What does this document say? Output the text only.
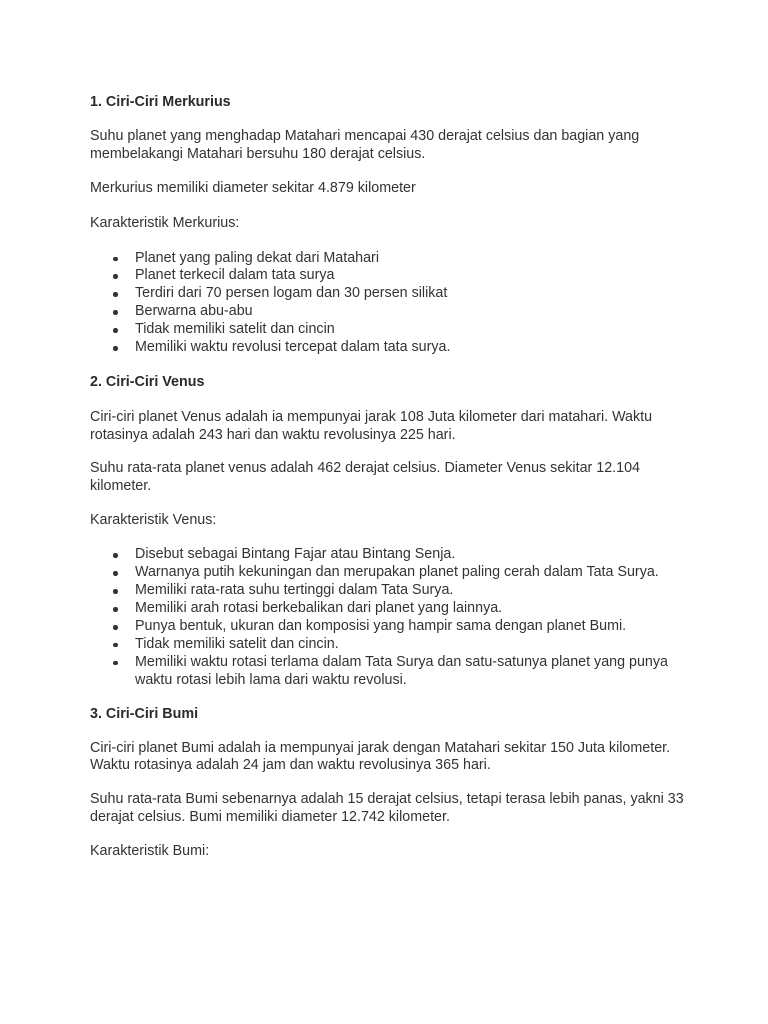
1. Ciri-Ciri Merkurius

Suhu planet yang menghadap Matahari mencapai 430 derajat celsius dan bagian yang membelakangi Matahari bersuhu 180 derajat celsius.

Merkurius memiliki diameter sekitar 4.879 kilometer

Karakteristik Merkurius:

Planet yang paling dekat dari Matahari
Planet terkecil dalam tata surya
Terdiri dari 70 persen logam dan 30 persen silikat
Berwarna abu-abu
Tidak memiliki satelit dan cincin
Memiliki waktu revolusi tercepat dalam tata surya.
2. Ciri-Ciri Venus

Ciri-ciri planet Venus adalah ia mempunyai jarak 108 Juta kilometer dari matahari. Waktu rotasinya adalah 243 hari dan waktu revolusinya 225 hari.

Suhu rata-rata planet venus adalah 462 derajat celsius. Diameter Venus sekitar 12.104 kilometer.

Karakteristik Venus:

Disebut sebagai Bintang Fajar atau Bintang Senja.
Warnanya putih kekuningan dan merupakan planet paling cerah dalam Tata Surya.
Memiliki rata-rata suhu tertinggi dalam Tata Surya.
Memiliki arah rotasi berkebalikan dari planet yang lainnya.
Punya bentuk, ukuran dan komposisi yang hampir sama dengan planet Bumi.
Tidak memiliki satelit dan cincin.
Memiliki waktu rotasi terlama dalam Tata Surya dan satu-satunya planet yang punya waktu rotasi lebih lama dari waktu revolusi.
3. Ciri-Ciri Bumi

Ciri-ciri planet Bumi adalah ia mempunyai jarak dengan Matahari sekitar 150 Juta kilometer. Waktu rotasinya adalah 24 jam dan waktu revolusinya 365 hari.

Suhu rata-rata Bumi sebenarnya adalah 15 derajat celsius, tetapi terasa lebih panas, yakni 33 derajat celsius. Bumi memiliki diameter 12.742 kilometer.

Karakteristik Bumi:
